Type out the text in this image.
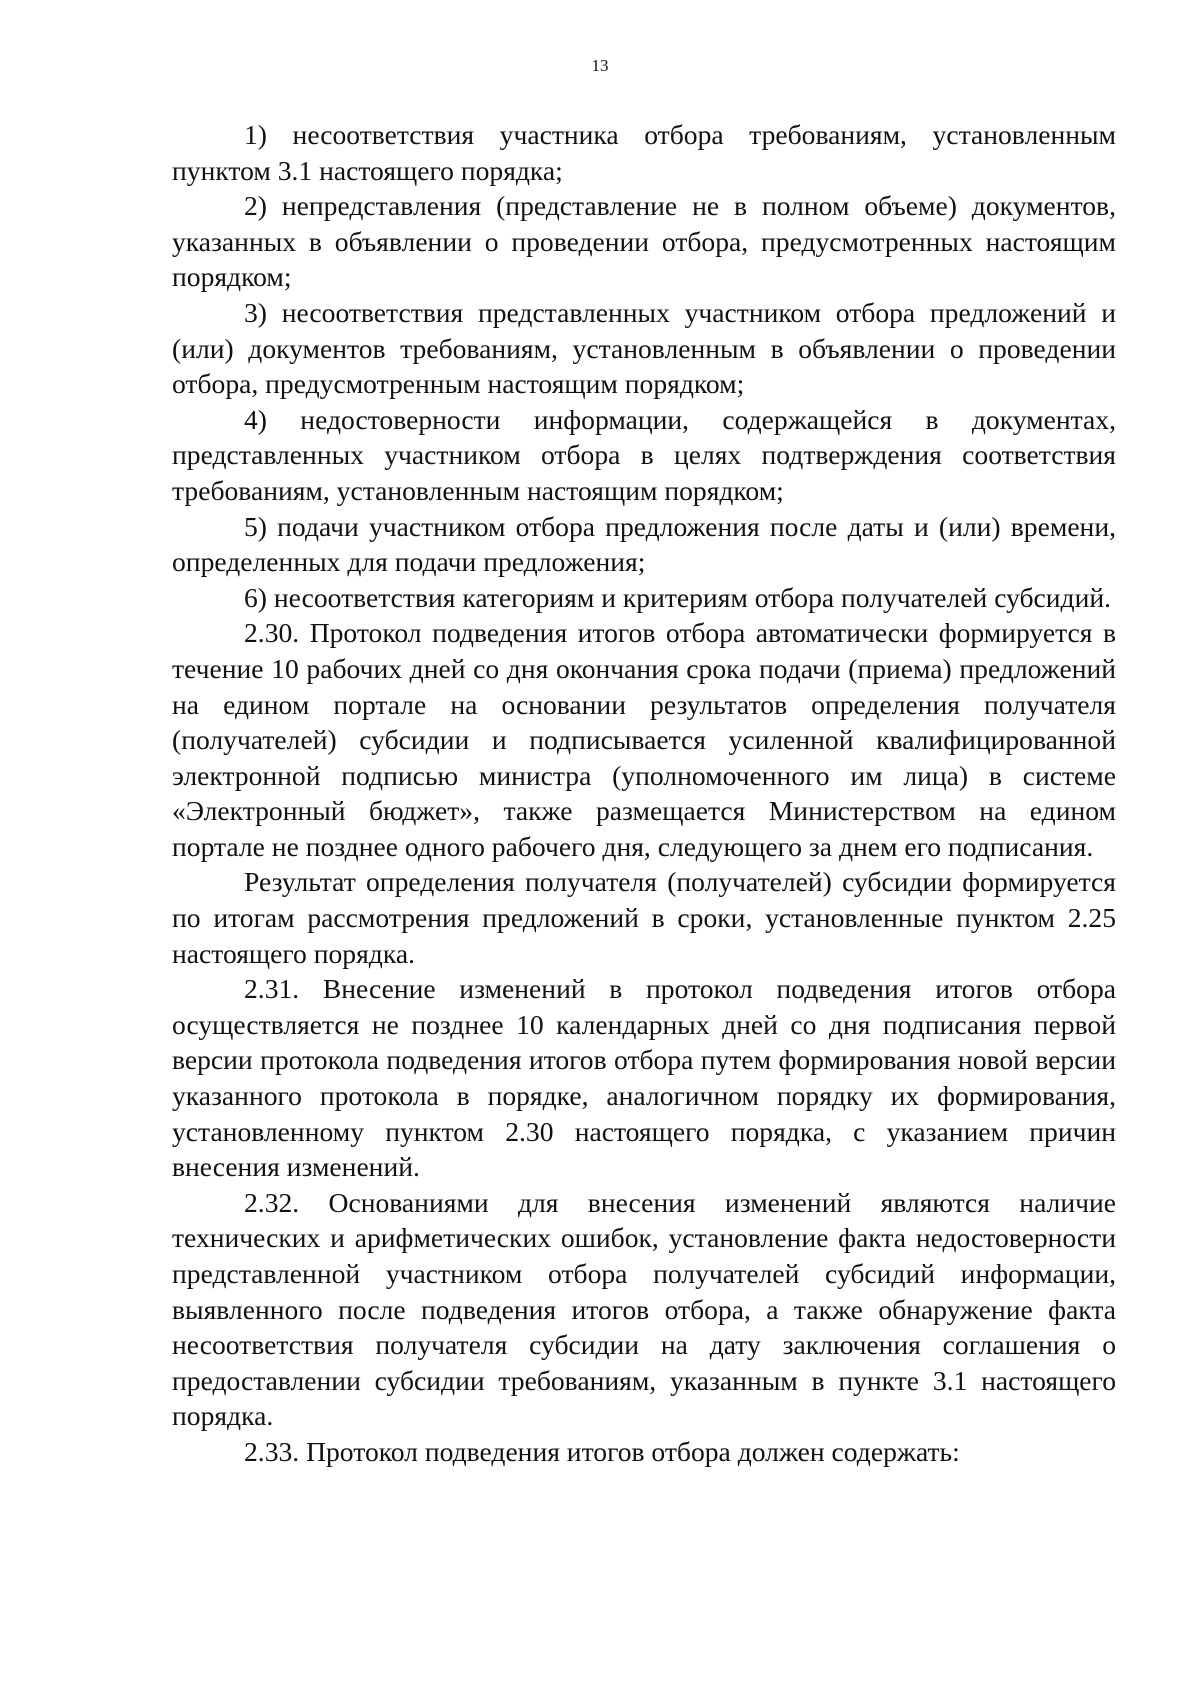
13

1) несоответствия участника отбора требованиям, установленным пунктом 3.1 настоящего порядка;

2) непредставления (представление не в полном объеме) документов, указанных в объявлении о проведении отбора, предусмотренных настоящим порядком;

3) несоответствия представленных участником отбора предложений и (или) документов требованиям, установленным в объявлении о проведении отбора, предусмотренным настоящим порядком;

4) недостоверности информации, содержащейся в документах, представленных участником отбора в целях подтверждения соответствия требованиям, установленным настоящим порядком;

5) подачи участником отбора предложения после даты и (или) времени, определенных для подачи предложения;

6) несоответствия категориям и критериям отбора получателей субсидий.

2.30. Протокол подведения итогов отбора автоматически формируется в течение 10 рабочих дней со дня окончания срока подачи (приема) предложений на едином портале на основании результатов определения получателя (получателей) субсидии и подписывается усиленной квалифицированной электронной подписью министра (уполномоченного им лица) в системе «Электронный бюджет», также размещается Министерством на едином портале не позднее одного рабочего дня, следующего за днем его подписания.

Результат определения получателя (получателей) субсидии формируется по итогам рассмотрения предложений в сроки, установленные пунктом 2.25 настоящего порядка.

2.31. Внесение изменений в протокол подведения итогов отбора осуществляется не позднее 10 календарных дней со дня подписания первой версии протокола подведения итогов отбора путем формирования новой версии указанного протокола в порядке, аналогичном порядку их формирования, установленному пунктом 2.30 настоящего порядка, с указанием причин внесения изменений.

2.32. Основаниями для внесения изменений являются наличие технических и арифметических ошибок, установление факта недостоверности представленной участником отбора получателей субсидий информации, выявленного после подведения итогов отбора, а также обнаружение факта несоответствия получателя субсидии на дату заключения соглашения о предоставлении субсидии требованиям, указанным в пункте 3.1 настоящего порядка.

2.33. Протокол подведения итогов отбора должен содержать:
